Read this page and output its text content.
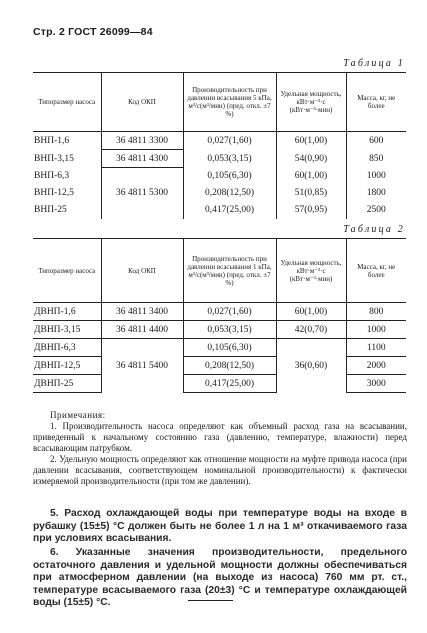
Стр. 2 ГОСТ 26099—84
Таблица 1
Типоразмер насоса	Код ОКП	Производительность при давлении всасывания 5 кПа, м³/с(м³/мин) (пред. откл. ±7 %)	Удельная мощность, кВт·м⁻³·с (кВт·м⁻³·мин)	Масса, кг, не более
ВНП-1,6	36 4811 3300	0,027(1,60)	60(1,00)	600
ВНП-3,15	36 4811 4300	0,053(3,15)	54(0,90)	850
ВНП-6,3	36 4811 5300	0,105(6,30)	60(1,00)	1000
ВНП-12,5		0,208(12,50)	51(0,85)	1800
ВНП-25		0,417(25,00)	57(0,95)	2500
Таблица 2
Типоразмер насоса	Код ОКП	Производительность при давлении всасывания 1 кПа, м³/с(м³/мин) (пред. откл. ±7 %)	Удельная мощность, кВт·м⁻³·с (кВт·м⁻³·мин)	Масса, кг, не более
ДВНП-1,6	36 4811 3400	0,027(1,60)	60(1,00)	800
ДВНП-3,15	36 4811 4400	0,053(3,15)	42(0,70)	1000
ДВНП-6,3	36 4811 5400	0,105(6,30)	36(0,60)	1100
ДВНП-12,5		0,208(12,50)		2000
ДВНП-25		0,417(25,00)		3000
Примечания:

1. Производительность насоса определяют как объемный расход газа на всасывании, приведенный к начальному состоянию газа (давлению, температуре, влажности) перед всасывающим патрубком.

2. Удельную мощность определяют как отношение мощности на муфте привода насоса (при давлении всасывания, соответствующем номинальной производительности) к фактически измеряемой производительности (при том же давлении).

5. Расход охлаждающей воды при температуре воды на входе в рубашку (15±5) °С должен быть не более 1 л на 1 м³ откачиваемого газа при условиях всасывания.

6. Указанные значения производительности, предельного остаточного давления и удельной мощности должны обеспечиваться при атмосферном давлении (на выходе из насоса) 760 мм рт. ст., температуре всасываемого газа (20±3) °С и температуре охлаждающей воды (15±5) °С.
